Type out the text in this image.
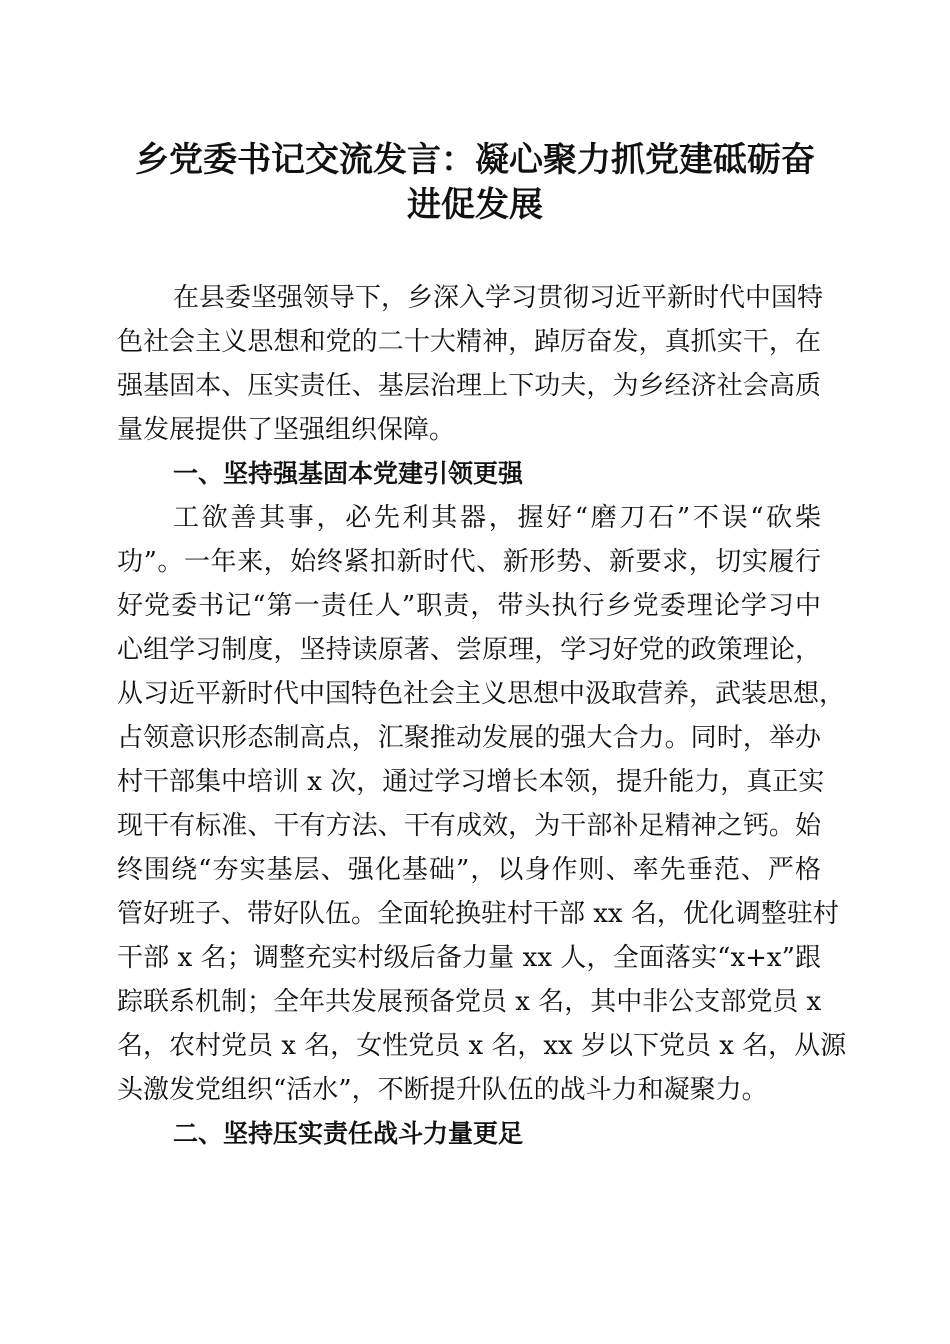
乡党委书记交流发言：凝心聚力抓党建砥砺奋
进促发展
在县委坚强领导下，乡深入学习贯彻习近平新时代中国特
色社会主义思想和党的二十大精神，踔厉奋发，真抓实干，在
强基固本、压实责任、基层治理上下功夫，为乡经济社会高质
量发展提供了坚强组织保障。
一、坚持强基固本党建引领更强
工欲善其事，必先利其器，握好“磨刀石”不误“砍柴
功”。一年来，始终紧扣新时代、新形势、新要求，切实履行
好党委书记“第一责任人”职责，带头执行乡党委理论学习中
心组学习制度，坚持读原著、尝原理，学习好党的政策理论，
从习近平新时代中国特色社会主义思想中汲取营养，武装思想，
占领意识形态制高点，汇聚推动发展的强大合力。同时，举办
村干部集中培训 x 次，通过学习增长本领，提升能力，真正实
现干有标准、干有方法、干有成效，为干部补足精神之钙。始
终围绕“夯实基层、强化基础”，以身作则、率先垂范、严格
管好班子、带好队伍。全面轮换驻村干部 xx 名，优化调整驻村
干部 x 名；调整充实村级后备力量 xx 人，全面落实“x+x”跟
踪联系机制；全年共发展预备党员 x 名，其中非公支部党员 x
名，农村党员 x 名，女性党员 x 名，xx 岁以下党员 x 名，从源
头激发党组织“活水”，不断提升队伍的战斗力和凝聚力。
二、坚持压实责任战斗力量更足
